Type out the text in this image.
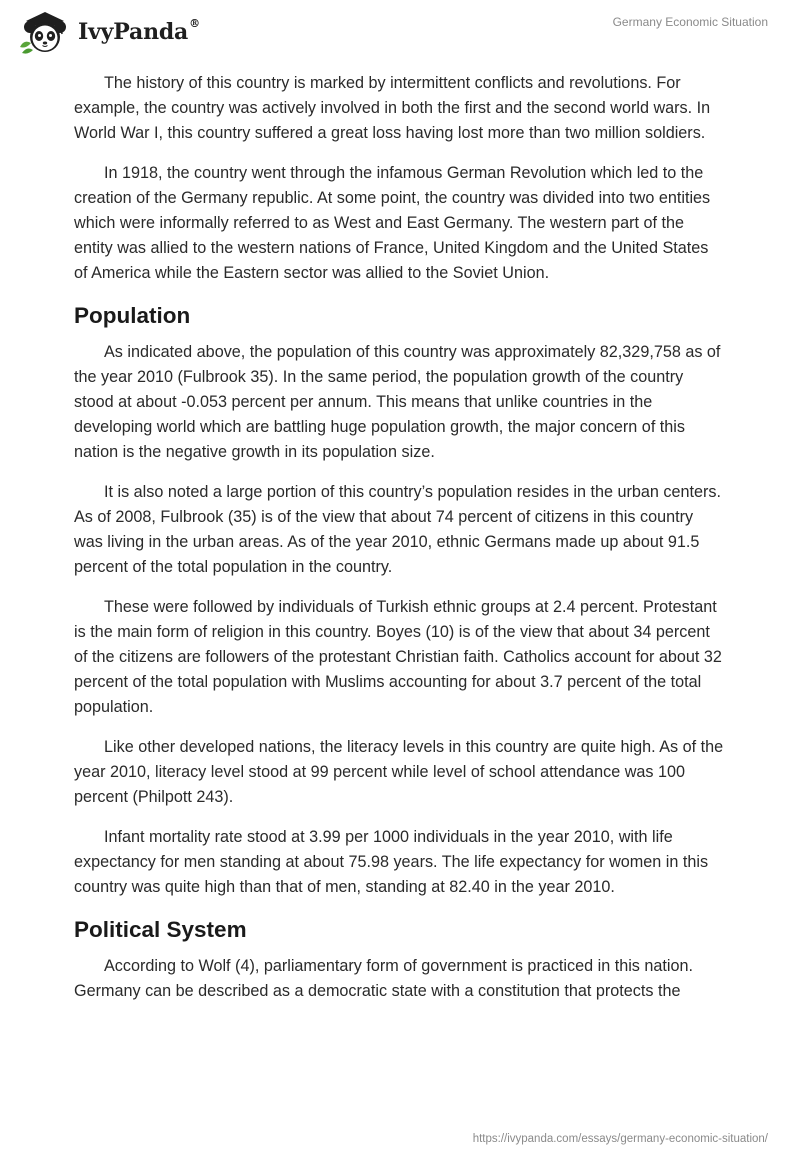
IvyPanda®	Germany Economic Situation

The history of this country is marked by intermittent conflicts and revolutions. For example, the country was actively involved in both the first and the second world wars. In World War I, this country suffered a great loss having lost more than two million soldiers.

In 1918, the country went through the infamous German Revolution which led to the creation of the Germany republic. At some point, the country was divided into two entities which were informally referred to as West and East Germany. The western part of the entity was allied to the western nations of France, United Kingdom and the United States of America while the Eastern sector was allied to the Soviet Union.

Population

As indicated above, the population of this country was approximately 82,329,758 as of the year 2010 (Fulbrook 35). In the same period, the population growth of the country stood at about -0.053 percent per annum. This means that unlike countries in the developing world which are battling huge population growth, the major concern of this nation is the negative growth in its population size.

It is also noted a large portion of this country’s population resides in the urban centers. As of 2008, Fulbrook (35) is of the view that about 74 percent of citizens in this country was living in the urban areas. As of the year 2010, ethnic Germans made up about 91.5 percent of the total population in the country.

These were followed by individuals of Turkish ethnic groups at 2.4 percent. Protestant is the main form of religion in this country. Boyes (10) is of the view that about 34 percent of the citizens are followers of the protestant Christian faith. Catholics account for about 32 percent of the total population with Muslims accounting for about 3.7 percent of the total population.

Like other developed nations, the literacy levels in this country are quite high. As of the year 2010, literacy level stood at 99 percent while level of school attendance was 100 percent (Philpott 243).

Infant mortality rate stood at 3.99 per 1000 individuals in the year 2010, with life expectancy for men standing at about 75.98 years. The life expectancy for women in this country was quite high than that of men, standing at 82.40 in the year 2010.

Political System

According to Wolf (4), parliamentary form of government is practiced in this nation. Germany can be described as a democratic state with a constitution that protects the

https://ivypanda.com/essays/germany-economic-situation/
